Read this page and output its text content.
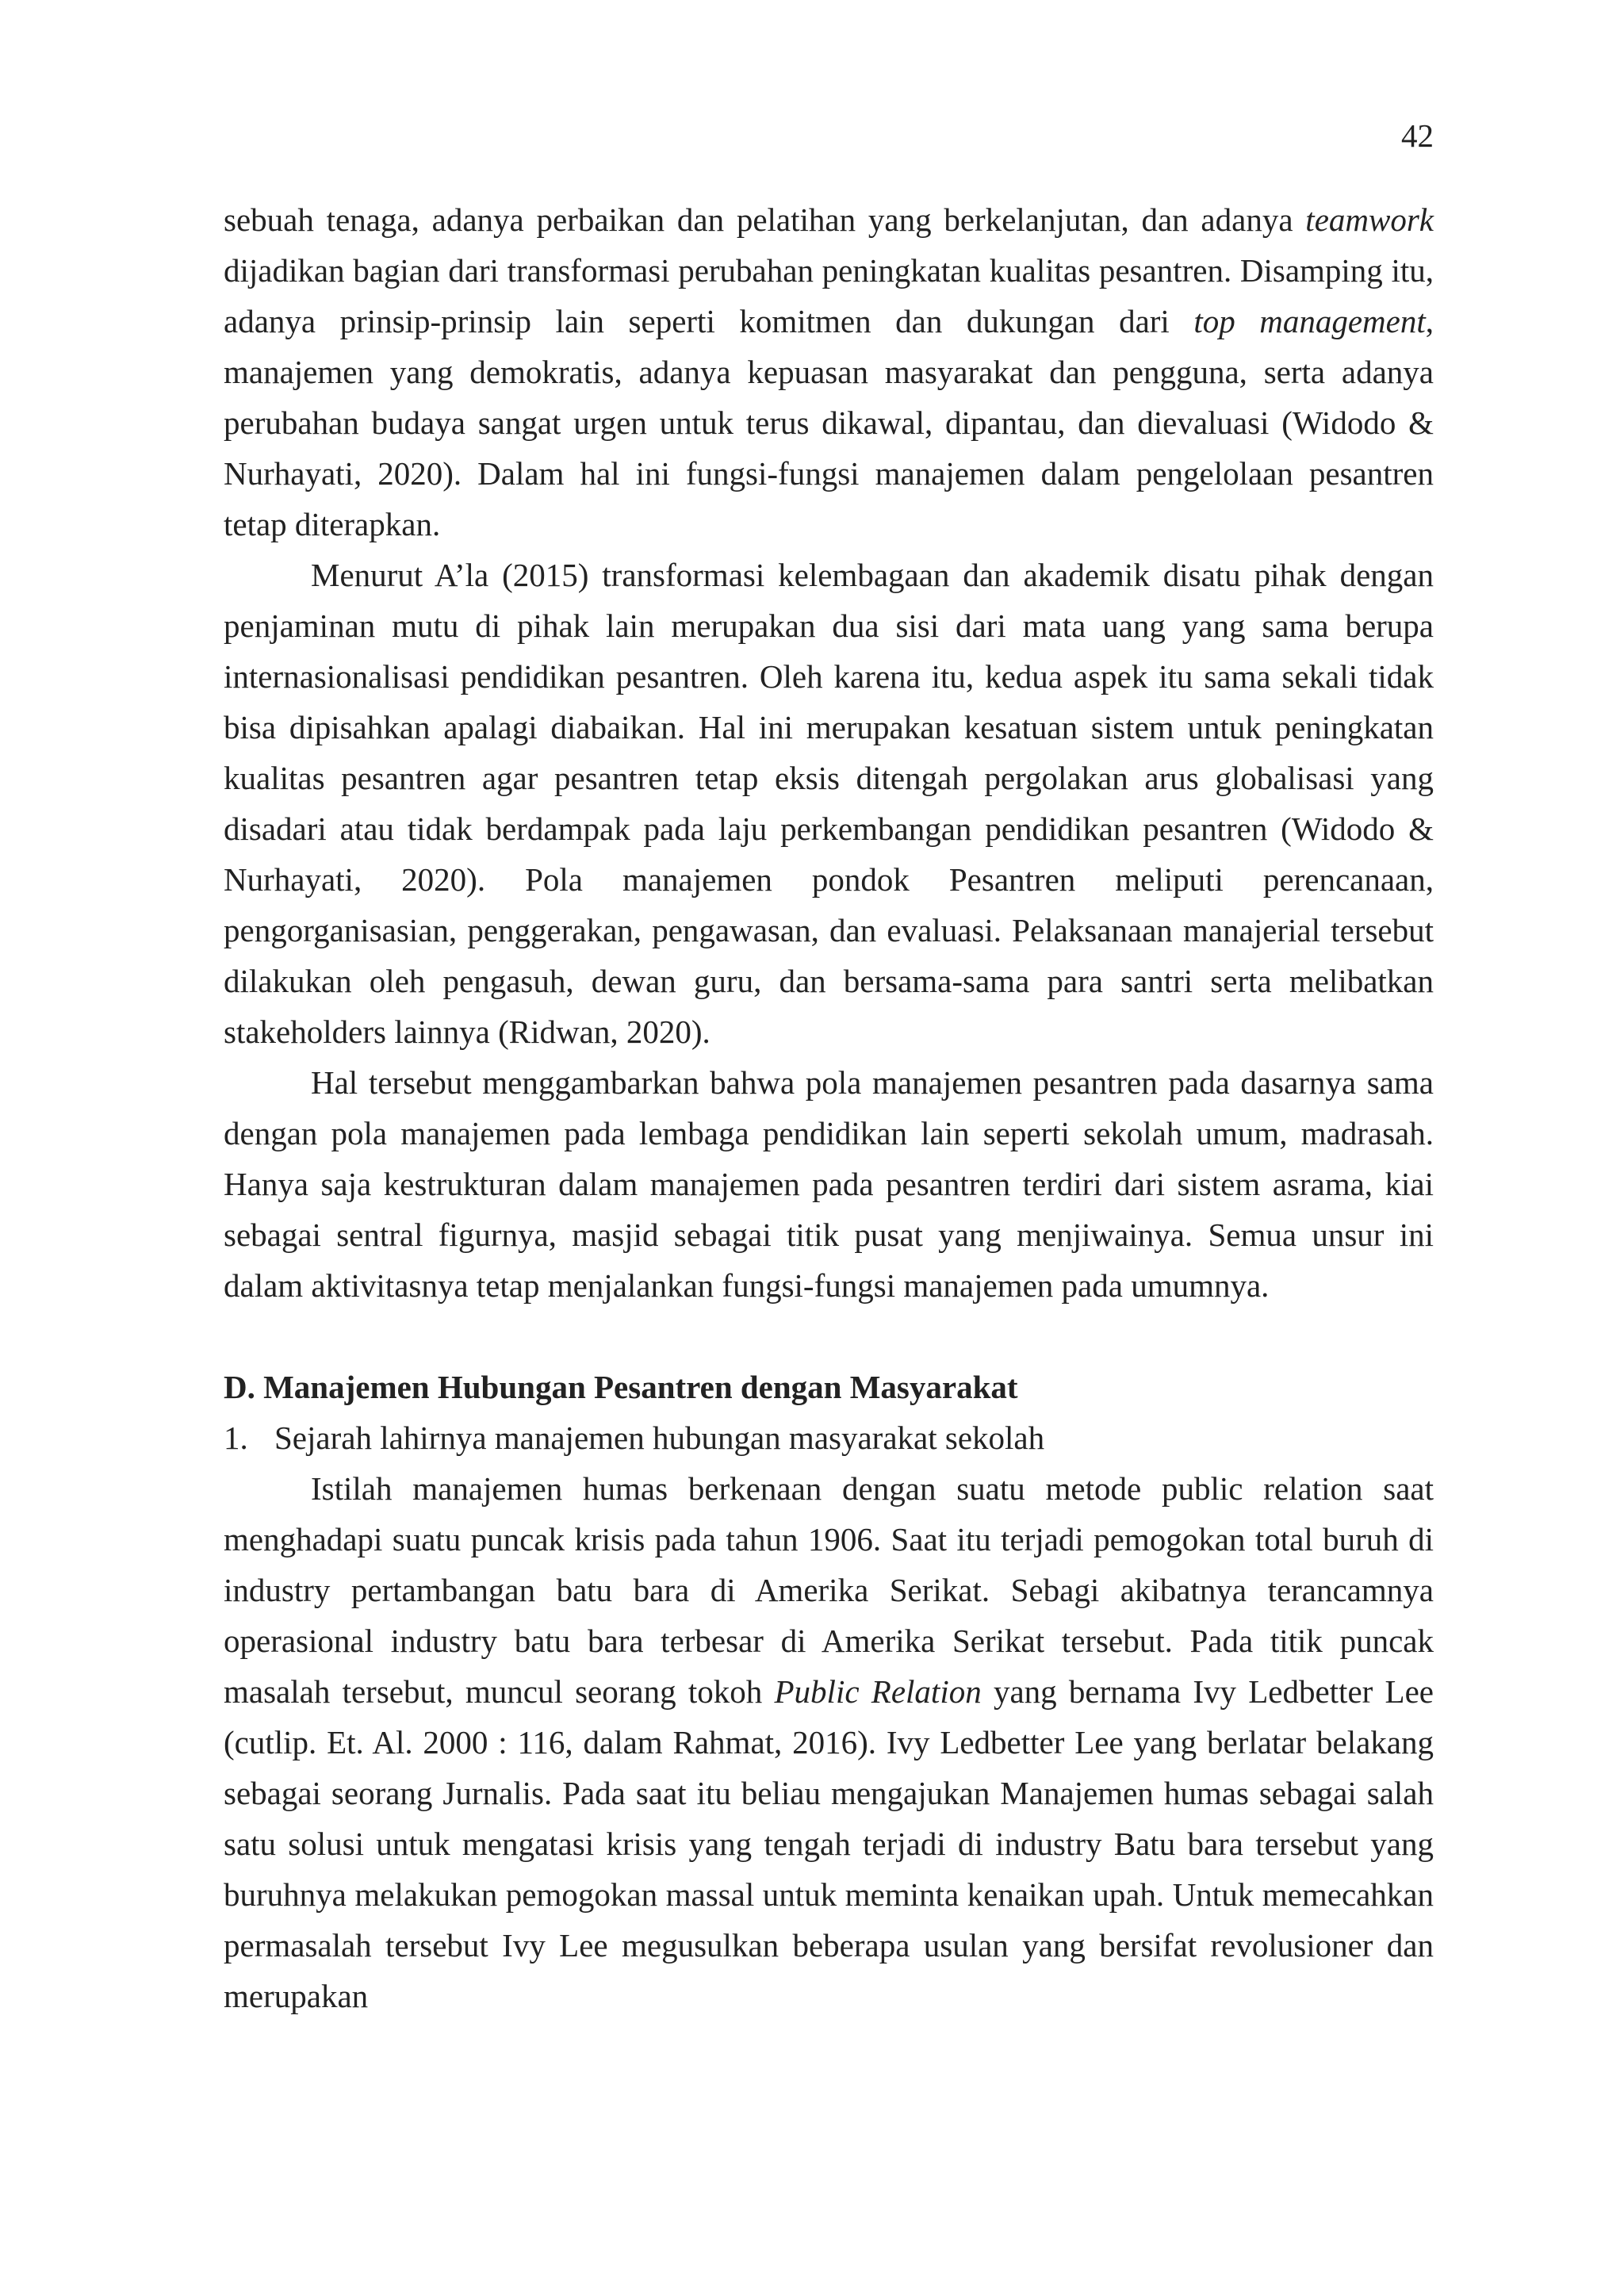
42

sebuah tenaga, adanya perbaikan dan pelatihan yang berkelanjutan, dan adanya teamwork dijadikan bagian dari transformasi perubahan peningkatan kualitas pesantren. Disamping itu, adanya prinsip-prinsip lain seperti komitmen dan dukungan dari top management, manajemen yang demokratis, adanya kepuasan masyarakat dan pengguna, serta adanya perubahan budaya sangat urgen untuk terus dikawal, dipantau, dan dievaluasi (Widodo & Nurhayati, 2020). Dalam hal ini fungsi-fungsi manajemen dalam pengelolaan pesantren tetap diterapkan.

Menurut A’la (2015) transformasi kelembagaan dan akademik disatu pihak dengan penjaminan mutu di pihak lain merupakan dua sisi dari mata uang yang sama berupa internasionalisasi pendidikan pesantren. Oleh karena itu, kedua aspek itu sama sekali tidak bisa dipisahkan apalagi diabaikan. Hal ini merupakan kesatuan sistem untuk peningkatan kualitas pesantren agar pesantren tetap eksis ditengah pergolakan arus globalisasi yang disadari atau tidak berdampak pada laju perkembangan pendidikan pesantren (Widodo & Nurhayati, 2020). Pola manajemen pondok Pesantren meliputi perencanaan, pengorganisasian, penggerakan, pengawasan, dan evaluasi. Pelaksanaan manajerial tersebut dilakukan oleh pengasuh, dewan guru, dan bersama-sama para santri serta melibatkan stakeholders lainnya (Ridwan, 2020).

Hal tersebut menggambarkan bahwa pola manajemen pesantren pada dasarnya sama dengan pola manajemen pada lembaga pendidikan lain seperti sekolah umum, madrasah. Hanya saja kestrukturan dalam manajemen pada pesantren terdiri dari sistem asrama, kiai sebagai sentral figurnya, masjid sebagai titik pusat yang menjiwainya. Semua unsur ini dalam aktivitasnya tetap menjalankan fungsi-fungsi manajemen pada umumnya.

D. Manajemen Hubungan Pesantren dengan Masyarakat
1. Sejarah lahirnya manajemen hubungan masyarakat sekolah

Istilah manajemen humas berkenaan dengan suatu metode public relation saat menghadapi suatu puncak krisis pada tahun 1906. Saat itu terjadi pemogokan total buruh di industry pertambangan batu bara di Amerika Serikat. Sebagi akibatnya terancamnya operasional industry batu bara terbesar di Amerika Serikat tersebut. Pada titik puncak masalah tersebut, muncul seorang tokoh Public Relation yang bernama Ivy Ledbetter Lee (cutlip. Et. Al. 2000 : 116, dalam Rahmat, 2016). Ivy Ledbetter Lee yang berlatar belakang sebagai seorang Jurnalis. Pada saat itu beliau mengajukan Manajemen humas sebagai salah satu solusi untuk mengatasi krisis yang tengah terjadi di industry Batu bara tersebut yang buruhnya melakukan pemogokan massal untuk meminta kenaikan upah. Untuk memecahkan permasalah tersebut Ivy Lee megusulkan beberapa usulan yang bersifat revolusioner dan merupakan
